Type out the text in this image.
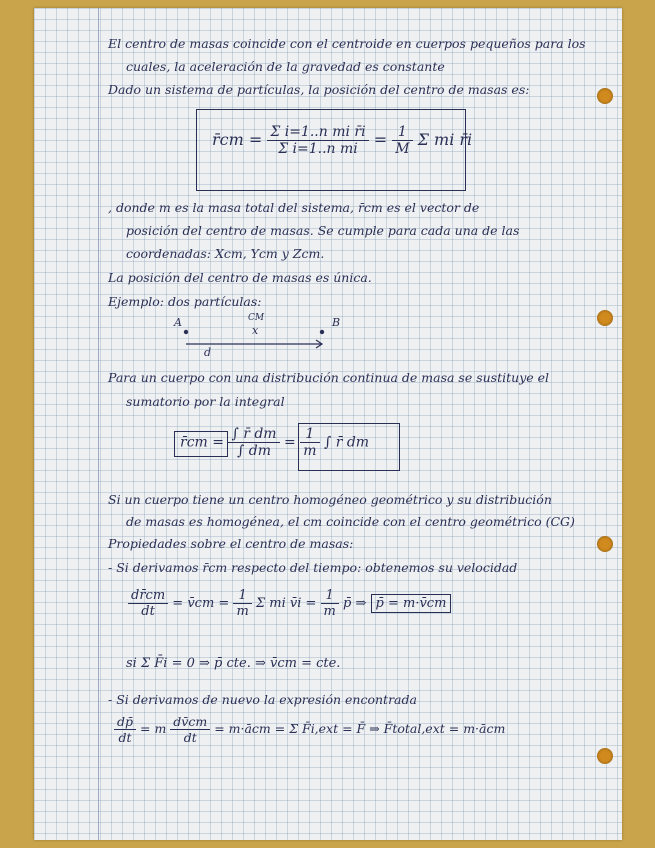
El centro de masas coincide con el centroide en cuerpos pequeños para los
cuales, la aceleración de la gravedad es constante
Dado un sistema de partículas, la posición del centro de masas es:
r̄cm = $\frac{\text{Σ i=1..n mi r̄i}}{\text{Σ i=1..n mi}} = \frac{1}{M}$ Σ mi r̄i
, donde m es la masa total del sistema, r̄cm es el vector de
posición del centro de masas. Se cumple para cada una de las
coordenadas: Xcm, Ycm y Zcm.
La posición del centro de masas es única.
Ejemplo: dos partículas:
A	B
CM
x
d
Para un cuerpo con una distribución continua de masa se sustituye el
sumatorio por la integral
r̄cm = $\frac{\int r̄ dm}{\int dm} = \frac{1}{m}$ ∫ r̄ dm
Si un cuerpo tiene un centro homogéneo geométrico y su distribución
de masas es homogénea, el cm coincide con el centro geométrico (CG)
Propiedades sobre el centro de masas:
- Si derivamos r̄cm respecto del tiempo: obtenemos su velocidad
$\frac{dr̄cm}{dt}$ = v̄cm = $\frac{1}{m}$ Σ mi v̄i = $\frac{1}{m}$ p̄ ⇒ p̄ = m·v̄cm
si Σ F̄i = 0 ⇒ p̄ cte. ⇒ v̄cm = cte.
- Si derivamos de nuevo la expresión encontrada
$\frac{dp̄}{dt} = m \frac{dv̄cm}{dt}$ = m·ācm = Σ F̄i,ext = F̄ ⇒ F̄total,ext = m·ācm
